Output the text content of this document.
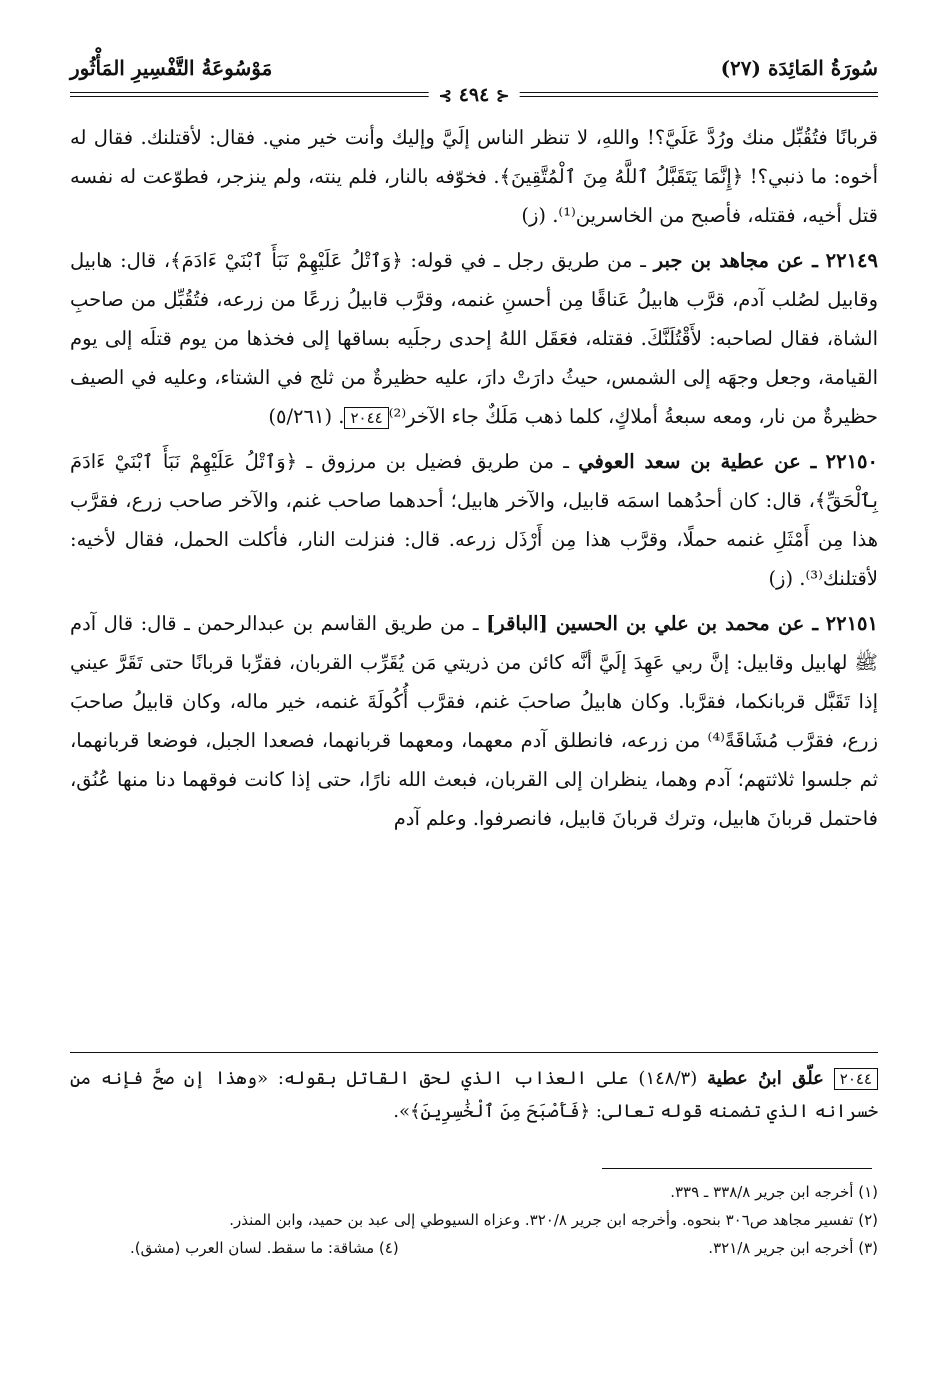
سُورَةُ المَائِدَة (٢٧)
مَوْسُوعَةُ التَّفْسِيرِ المَأْثُور
⊰ ٤٩٤ ⊱

قربانًا فتُقُبِّل منك ورُدَّ عَلَيَّ؟! واللهِ، لا تنظر الناس إلَيَّ وإليك وأنت خير مني. فقال: لأقتلنك. فقال له أخوه: ما ذنبي؟! ﴿إِنَّمَا يَتَقَبَّلُ ٱللَّهُ مِنَ ٱلْمُتَّقِينَ﴾. فخوّفه بالنار، فلم ينته، ولم ينزجر، فطوّعت له نفسه قتل أخيه، فقتله، فأصبح من الخاسرين⁽¹⁾. (ز)

٢٢١٤٩ ـ عن مجاهد بن جبر ـ من طريق رجل ـ في قوله: ﴿وَٱتْلُ عَلَيْهِمْ نَبَأَ ٱبْنَيْ ءَادَمَ﴾، قال: هابيل وقابيل لصُلب آدم، قرَّب هابيلُ عَناقًا مِن أحسنِ غنمه، وقرَّب قابيلُ زرعًا من زرعه، فتُقُبِّل من صاحبِ الشاة، فقال لصاحبه: لأَقْتُلَنَّكَ. فقتله، فعَقَل اللهُ إحدى رجلَيه بساقها إلى فخذها من يوم قتلَه إلى يوم القيامة، وجعل وجهَه إلى الشمس، حيثُ دارَتْ دارَ، عليه حظيرةٌ من ثلج في الشتاء، وعليه في الصيف حظيرةٌ من نار، ومعه سبعةُ أملاكٍ، كلما ذهب مَلَكٌ جاء الآخر⁽²⁾٢٠٤٤. (٥/٢٦١)

٢٢١٥٠ ـ عن عطية بن سعد العوفي ـ من طريق فضيل بن مرزوق ـ ﴿وَٱتْلُ عَلَيْهِمْ نَبَأَ ٱبْنَيْ ءَادَمَ بِٱلْحَقِّ﴾، قال: كان أحدُهما اسمَه قابيل، والآخر هابيل؛ أحدهما صاحب غنم، والآخر صاحب زرع، فقرَّب هذا مِن أَمْثَلِ غنمه حملًا، وقرَّب هذا مِن أَرْذَل زرعه. قال: فنزلت النار، فأكلت الحمل، فقال لأخيه: لأقتلنك⁽³⁾. (ز)

٢٢١٥١ ـ عن محمد بن علي بن الحسين [الباقر] ـ من طريق القاسم بن عبدالرحمن ـ قال: قال آدم ﷺ لهابيل وقابيل: إنَّ ربي عَهِدَ إلَيَّ أنَّه كائن من ذريتي مَن يُقَرِّب القربان، فقرِّبا قربانًا حتى تَقَرَّ عيني إذا تَقَبَّل قربانكما، فقرَّبا. وكان هابيلُ صاحبَ غنم، فقرَّب أُكُولَةَ غنمه، خير ماله، وكان قابيلُ صاحبَ زرع، فقرَّب مُشَاقَةً⁽⁴⁾ من زرعه، فانطلق آدم معهما، ومعهما قربانهما، فصعدا الجبل، فوضعا قربانهما، ثم جلسوا ثلاثتهم؛ آدم وهما، ينظران إلى القربان، فبعث الله نارًا، حتى إذا كانت فوقهما دنا منها عُنُق، فاحتمل قربانَ هابيل، وترك قربانَ قابيل، فانصرفوا. وعلم آدم

٢٠٤٤ علّق ابنُ عطية (١٤٨/٣) على العذاب الذي لحق القاتل بقوله: «وهذا إن صحَّ فإنه من خسرانه الذي تضمنه قوله تعالى: ﴿فَأَصْبَحَ مِنَ ٱلْخَٰسِرِينَ﴾».

(١) أخرجه ابن جرير ٣٣٨/٨ ـ ٣٣٩.

(٢) تفسير مجاهد ص٣٠٦ بنحوه. وأخرجه ابن جرير ٣٢٠/٨. وعزاه السيوطي إلى عبد بن حميد، وابن المنذر.

(٣) أخرجه ابن جرير ٣٢١/٨.

(٤) مشاقة: ما سقط. لسان العرب (مشق).
